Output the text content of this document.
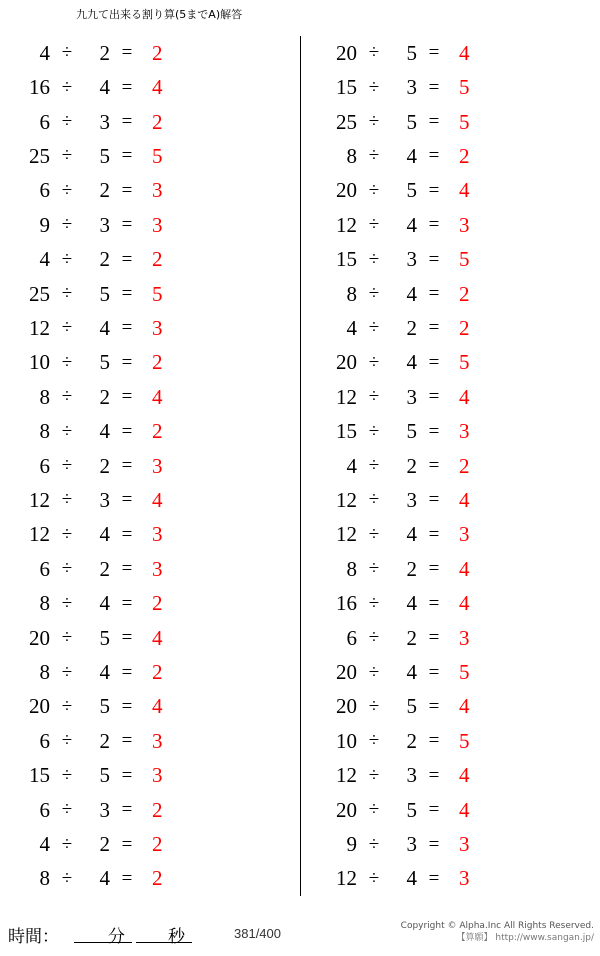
九九て出来る割り算(5までA)解答
4 ÷	2 = 2
16 ÷	4 = 4
6 ÷	3 = 2
25 ÷	5 = 5
6 ÷	2 = 3
9 ÷	3 = 3
4 ÷	2 = 2
25 ÷	5 = 5
12 ÷	4 = 3
10 ÷	5 = 2
8 ÷	2 = 4
8 ÷	4 = 2
6 ÷	2 = 3
12 ÷	3 = 4
12 ÷	4 = 3
6 ÷	2 = 3
8 ÷	4 = 2
20 ÷	5 = 4
8 ÷	4 = 2
20 ÷	5 = 4
6 ÷	2 = 3
15 ÷	5 = 3
6 ÷	3 = 2
4 ÷	2 = 2
8 ÷	4 = 2
20 ÷	5 = 4
15 ÷	3 = 5
25 ÷	5 = 5
8 ÷	4 = 2
20 ÷	5 = 4
12 ÷	4 = 3
15 ÷	3 = 5
8 ÷	4 = 2
4 ÷	2 = 2
20 ÷	4 = 5
12 ÷	3 = 4
15 ÷	5 = 3
4 ÷	2 = 2
12 ÷	3 = 4
12 ÷	4 = 3
8 ÷	2 = 4
16 ÷	4 = 4
6 ÷	2 = 3
20 ÷	4 = 5
20 ÷	5 = 4
10 ÷	2 = 5
12 ÷	3 = 4
20 ÷	5 = 4
9 ÷	3 = 3
12 ÷	4 = 3
時間：	分	秒	381/400	Copyright © Alpha.Inc All Rights Reserved.
【算願】 http://www.sangan.jp/
